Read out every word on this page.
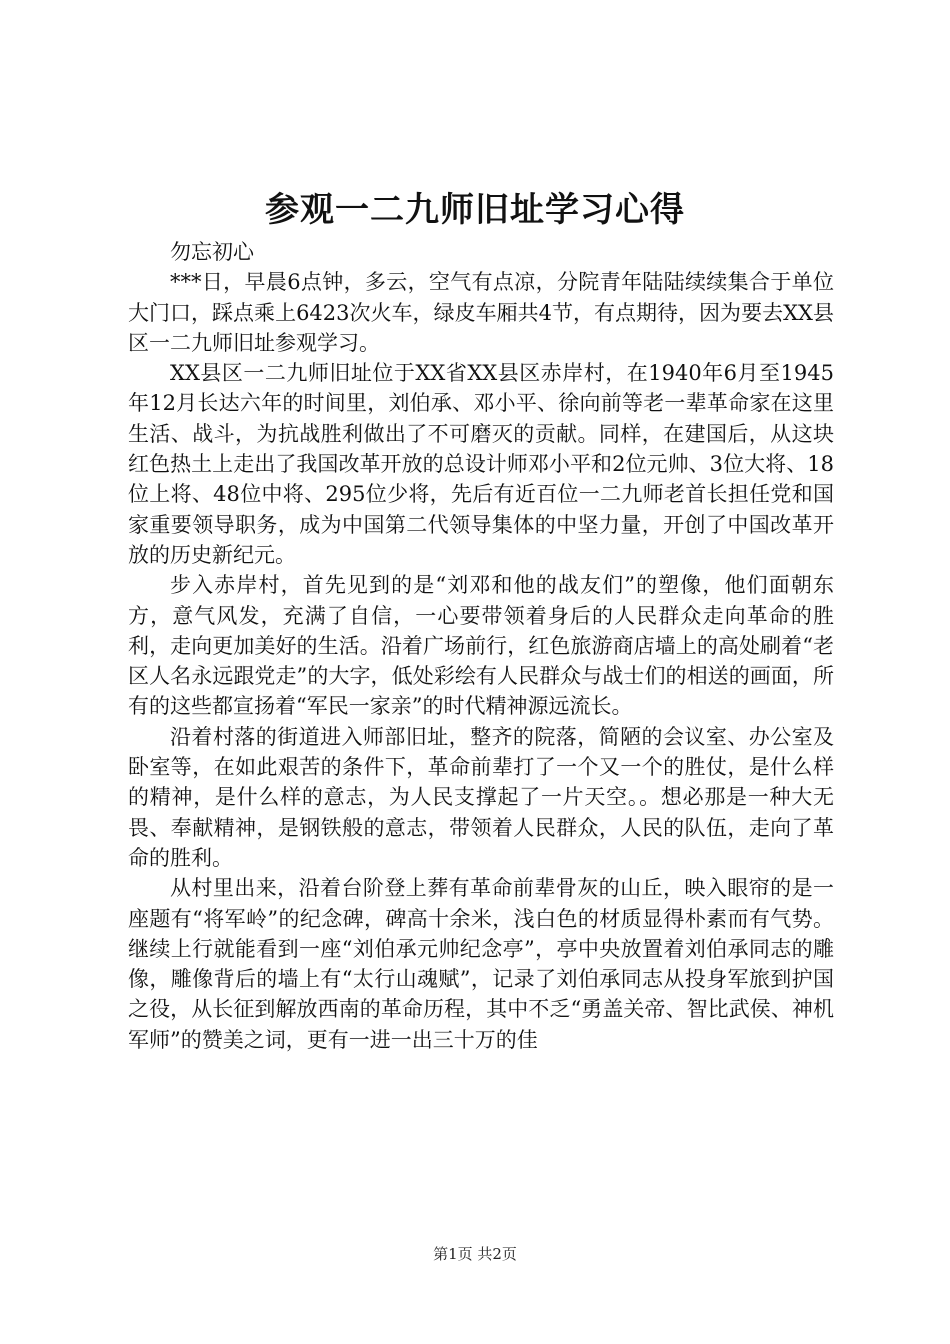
参观一二九师旧址学习心得

勿忘初心

***日，早晨6点钟，多云，空气有点凉，分院青年陆陆续续集合于单位大门口，踩点乘上6423次火车，绿皮车厢共4节，有点期待，因为要去XX县区一二九师旧址参观学习。

XX县区一二九师旧址位于XX省XX县区赤岸村，在1940年6月至1945年12月长达六年的时间里，刘伯承、邓小平、徐向前等老一辈革命家在这里生活、战斗，为抗战胜利做出了不可磨灭的贡献。同样，在建国后，从这块红色热土上走出了我国改革开放的总设计师邓小平和2位元帅、3位大将、18位上将、48位中将、295位少将，先后有近百位一二九师老首长担任党和国家重要领导职务，成为中国第二代领导集体的中坚力量，开创了中国改革开放的历史新纪元。

步入赤岸村，首先见到的是“刘邓和他的战友们”的塑像，他们面朝东方，意气风发，充满了自信，一心要带领着身后的人民群众走向革命的胜利，走向更加美好的生活。沿着广场前行，红色旅游商店墙上的高处刷着“老区人名永远跟党走”的大字，低处彩绘有人民群众与战士们的相送的画面，所有的这些都宣扬着“军民一家亲”的时代精神源远流长。

沿着村落的街道进入师部旧址，整齐的院落，简陋的会议室、办公室及卧室等，在如此艰苦的条件下，革命前辈打了一个又一个的胜仗，是什么样的精神，是什么样的意志，为人民支撑起了一片天空。。想必那是一种大无畏、奉献精神，是钢铁般的意志，带领着人民群众，人民的队伍，走向了革命的胜利。

从村里出来，沿着台阶登上葬有革命前辈骨灰的山丘，映入眼帘的是一座题有“将军岭”的纪念碑，碑高十余米，浅白色的材质显得朴素而有气势。继续上行就能看到一座“刘伯承元帅纪念亭”，亭中央放置着刘伯承同志的雕像，雕像背后的墙上有“太行山魂赋”，记录了刘伯承同志从投身军旅到护国之役，从长征到解放西南的革命历程，其中不乏“勇盖关帝、智比武侯、神机军师”的赞美之词，更有一进一出三十万的佳

第1页 共2页
